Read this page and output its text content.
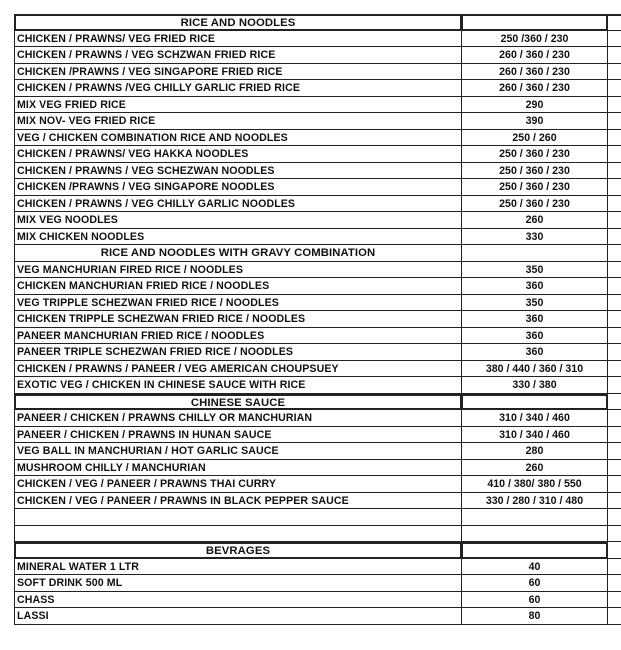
RICE AND NOODLES
CHICKEN / PRAWNS/ VEG FRIED RICE	250 /360 / 230
CHICKEN / PRAWNS / VEG SCHZWAN FRIED RICE	260 / 360 / 230
CHICKEN /PRAWNS / VEG SINGAPORE FRIED RICE	260 / 360 / 230
CHICKEN / PRAWNS /VEG CHILLY GARLIC FRIED RICE	260 / 360 / 230
MIX VEG FRIED RICE	290
MIX NOV- VEG FRIED RICE	390
VEG / CHICKEN COMBINATION RICE AND NOODLES	250 / 260
CHICKEN / PRAWNS/ VEG HAKKA NOODLES	250 / 360 / 230
CHICKEN / PRAWNS / VEG SCHEZWAN NOODLES	250 / 360 / 230
CHICKEN /PRAWNS / VEG SINGAPORE NOODLES	250 / 360 / 230
CHICKEN / PRAWNS / VEG CHILLY GARLIC NOODLES	250 / 360 / 230
MIX VEG NOODLES	260
MIX CHICKEN NOODLES	330
RICE AND NOODLES WITH GRAVY COMBINATION
VEG MANCHURIAN FIRED RICE / NOODLES	350
CHICKEN MANCHURIAN FRIED RICE / NOODLES	360
VEG TRIPPLE SCHEZWAN FRIED RICE / NOODLES	350
CHICKEN TRIPPLE SCHEZWAN FRIED RICE / NOODLES	360
PANEER MANCHURIAN FRIED RICE / NOODLES	360
PANEER TRIPLE SCHEZWAN FRIED RICE / NOODLES	360
CHICKEN / PRAWNS / PANEER / VEG AMERICAN CHOUPSUEY	380 / 440 / 360 / 310
EXOTIC VEG / CHICKEN IN CHINESE SAUCE WITH RICE	330 / 380
CHINESE SAUCE
PANEER / CHICKEN / PRAWNS CHILLY OR MANCHURIAN	310 / 340 / 460
PANEER / CHICKEN / PRAWNS IN HUNAN SAUCE	310 / 340 / 460
VEG BALL IN MANCHURIAN / HOT GARLIC SAUCE	280
MUSHROOM CHILLY / MANCHURIAN	260
CHICKEN / VEG / PANEER / PRAWNS THAI CURRY	410 / 380/ 380 / 550
CHICKEN / VEG / PANEER / PRAWNS IN BLACK PEPPER SAUCE	330 / 280 / 310 / 480
BEVRAGES
MINERAL WATER 1 LTR	40
SOFT DRINK 500 ML	60
CHASS	60
LASSI	80
